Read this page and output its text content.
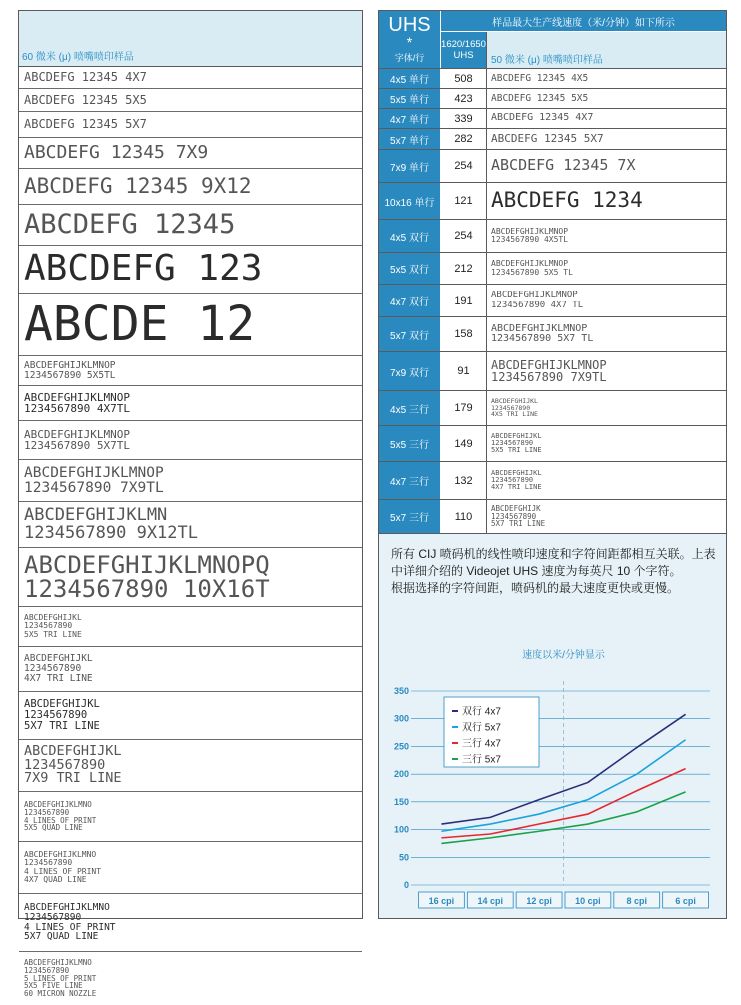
60 微米 (μ) 喷嘴喷印样品
ABCDEFG 12345 4X7
ABCDEFG 12345 5X5
ABCDEFG 12345 5X7
ABCDEFG 12345 7X9
ABCDEFG 12345 9X12
ABCDEFG 12345
ABCDEFG 123
ABCDE 12
ABCDEFGHIJKLMNOP
1234567890 5X5TL
ABCDEFGHIJKLMNOP
1234567890 4X7TL
ABCDEFGHIJKLMNOP
1234567890 5X7TL
ABCDEFGHIJKLMNOP
1234567890 7X9TL
ABCDEFGHIJKLMN
1234567890 9X12TL
ABCDEFGHIJKLMNOPQ
1234567890 10X16T
ABCDEFGHIJKL
1234567890
5X5 TRI LINE
ABCDEFGHIJKL
1234567890
4X7 TRI LINE
ABCDEFGHIJKL
1234567890
5X7 TRI LINE
ABCDEFGHIJKL
1234567890
7X9 TRI LINE
ABCDEFGHIJKLMNO
1234567890
4 LINES OF PRINT
5X5 QUAD LINE
ABCDEFGHIJKLMNO
1234567890
4 LINES OF PRINT
4X7 QUAD LINE
ABCDEFGHIJKLMNO
1234567890
4 LINES OF PRINT
5X7 QUAD LINE
ABCDEFGHIJKLMNO
1234567890
5 LINES OF PRINT
5X5 FIVE LINE
60 MICRON NOZZLE
UHS
*
字体/行
样品最大生产线速度（米/分钟）如下所示
1620/1650 UHS	50 微米 (μ) 喷嘴喷印样品
4x5 单行	508	ABCDEFG 12345 4X5
5x5 单行	423	ABCDEFG 12345 5X5
4x7 单行	339	ABCDEFG 12345 4X7
5x7 单行	282	ABCDEFG 12345 5X7
7x9 单行	254	ABCDEFG 12345 7X
10x16 单行	121 ABCDEFG 1234
4x5 双行	254	ABCDEFGHIJKLMNOP
1234567890 4X5TL
5x5 双行	212	ABCDEFGHIJKLMNOP
1234567890 5X5 TL
4x7 双行	191	ABCDEFGHIJKLMNOP
1234567890 4X7 TL
5x7 双行	158	ABCDEFGHIJKLMNOP
1234567890 5X7 TL
7x9 双行	91	ABCDEFGHIJKLMNOP
1234567890 7X9TL
4x5 三行	179
ABCDEFGHIJKL
1234567890
4X5 TRI LINE
5x5 三行	149
ABCDEFGHIJKL
1234567890
5X5 TRI LINE
4x7 三行	132
ABCDEFGHIJKL
1234567890
4X7 TRI LINE
5x7 三行	110
ABCDEFGHIJK
1234567890
5X7 TRI LINE
所有 CIJ 喷码机的线性喷印速度和字符间距都相互关联。上表中详细介绍的 Videojet UHS 速度为每英尺 10 个字符。
根据选择的字符间距，喷码机的最大速度更快或更慢。
速度以米/分钟显示
0
50
100
150
200
250
300
350
16 cpi	14 cpi	12 cpi	10 cpi	8 cpi	6 cpi
双行 4x7
双行 5x7
三行 4x7
三行 5x7
